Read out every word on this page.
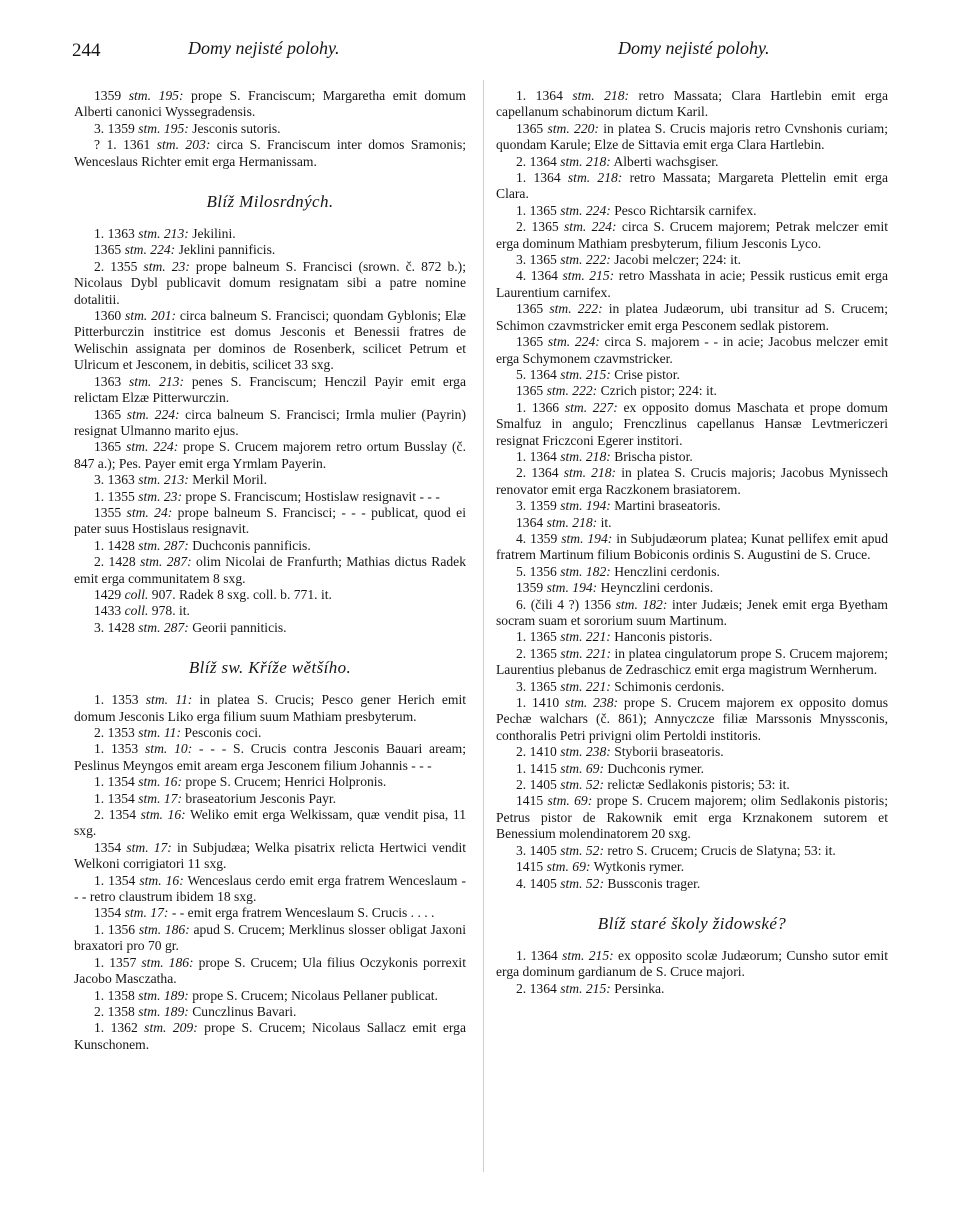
244	Domy nejisté polohy.	Domy nejisté polohy.

1359 stm. 195: prope S. Franciscum; Margaretha emit domum Alberti canonici Wyssegradensis.

3. 1359 stm. 195: Jesconis sutoris.

? 1. 1361 stm. 203: circa S. Franciscum inter domos Sramonis; Wenceslaus Richter emit erga Hermanissam.

Blíž Milosrdných.

1. 1363 stm. 213: Jekilini.

1365 stm. 224: Jeklini pannificis.

2. 1355 stm. 23: prope balneum S. Francisci (srown. č. 872 b.); Nicolaus Dybl publicavit domum resignatam sibi a patre nomine dotalitii.

1360 stm. 201: circa balneum S. Francisci; quondam Gyblonis; Elæ Pitterburczin institrice est domus Jesconis et Benessii fratres de Welischin assignata per dominos de Rosenberk, scilicet Petrum et Ulricum et Jesconem, in debitis, scilicet 33 sxg.

1363 stm. 213: penes S. Franciscum; Henczil Payir emit erga relictam Elzæ Pitterwurczin.

1365 stm. 224: circa balneum S. Francisci; Irmla mulier (Payrin) resignat Ulmanno marito ejus.

1365 stm. 224: prope S. Crucem majorem retro ortum Busslay (č. 847 a.); Pes. Payer emit erga Yrmlam Payerin.

3. 1363 stm. 213: Merkil Moril.

1. 1355 stm. 23: prope S. Franciscum; Hostislaw resignavit - - -

1355 stm. 24: prope balneum S. Francisci; - - - publicat, quod ei pater suus Hostislaus resignavit.

1. 1428 stm. 287: Duchconis pannificis.

2. 1428 stm. 287: olim Nicolai de Franfurth; Mathias dictus Radek emit erga communitatem 8 sxg.

1429 coll. 907. Radek 8 sxg. coll. b. 771. it.

1433 coll. 978. it.

3. 1428 stm. 287: Georii panniticis.

Blíž sw. Kříže wětšího.

1. 1353 stm. 11: in platea S. Crucis; Pesco gener Herich emit domum Jesconis Liko erga filium suum Mathiam presbyterum.

2. 1353 stm. 11: Pesconis coci.

1. 1353 stm. 10: - - - S. Crucis contra Jesconis Bauari aream; Peslinus Meyngos emit aream erga Jesconem filium Johannis - - -

1. 1354 stm. 16: prope S. Crucem; Henrici Holpronis.

1. 1354 stm. 17: braseatorium Jesconis Payr.

2. 1354 stm. 16: Weliko emit erga Welkissam, quæ vendit pisa, 11 sxg.

1354 stm. 17: in Subjudæa; Welka pisatrix relicta Hertwici vendit Welkoni corrigiatori 11 sxg.

1. 1354 stm. 16: Wenceslaus cerdo emit erga fratrem Wenceslaum - - - retro claustrum ibidem 18 sxg.

1354 stm. 17: - - emit erga fratrem Wenceslaum S. Crucis . . . .

1. 1356 stm. 186: apud S. Crucem; Merklinus slosser obligat Jaxoni braxatori pro 70 gr.

1. 1357 stm. 186: prope S. Crucem; Ula filius Oczykonis porrexit Jacobo Masczatha.

1. 1358 stm. 189: prope S. Crucem; Nicolaus Pellaner publicat.

2. 1358 stm. 189: Cunczlinus Bavari.

1. 1362 stm. 209: prope S. Crucem; Nicolaus Sallacz emit erga Kunschonem.

1. 1364 stm. 218: retro Massata; Clara Hartlebin emit erga capellanum schabinorum dictum Karil.

1365 stm. 220: in platea S. Crucis majoris retro Cvnshonis curiam; quondam Karule; Elze de Sittavia emit erga Clara Hartlebin.

2. 1364 stm. 218: Alberti wachsgiser.

1. 1364 stm. 218: retro Massata; Margareta Plettelin emit erga Clara.

1. 1365 stm. 224: Pesco Richtarsik carnifex.

2. 1365 stm. 224: circa S. Crucem majorem; Petrak melczer emit erga dominum Mathiam presbyterum, filium Jesconis Lyco.

3. 1365 stm. 222: Jacobi melczer; 224: it.

4. 1364 stm. 215: retro Masshata in acie; Pessik rusticus emit erga Laurentium carnifex.

1365 stm. 222: in platea Judæorum, ubi transitur ad S. Crucem; Schimon czavmstricker emit erga Pesconem sedlak pistorem.

1365 stm. 224: circa S. majorem - - in acie; Jacobus melczer emit erga Schymonem czavmstricker.

5. 1364 stm. 215: Crise pistor.

1365 stm. 222: Czrich pistor; 224: it.

1. 1366 stm. 227: ex opposito domus Maschata et prope domum Smalfuz in angulo; Frenczlinus capellanus Hansæ Levtmericzeri resignat Friczconi Egerer institori.

1. 1364 stm. 218: Brischa pistor.

2. 1364 stm. 218: in platea S. Crucis majoris; Jacobus Mynissech renovator emit erga Raczkonem brasiatorem.

3. 1359 stm. 194: Martini braseatoris.

1364 stm. 218: it.

4. 1359 stm. 194: in Subjudæorum platea; Kunat pellifex emit apud fratrem Martinum filium Bobiconis ordinis S. Augustini de S. Cruce.

5. 1356 stm. 182: Henczlini cerdonis.

1359 stm. 194: Heynczlini cerdonis.

6. (čili 4 ?) 1356 stm. 182: inter Judæis; Jenek emit erga Byetham socram suam et sororium suum Martinum.

1. 1365 stm. 221: Hanconis pistoris.

2. 1365 stm. 221: in platea cingulatorum prope S. Crucem majorem; Laurentius plebanus de Zedraschicz emit erga magistrum Wernherum.

3. 1365 stm. 221: Schimonis cerdonis.

1. 1410 stm. 238: prope S. Crucem majorem ex opposito domus Pechæ walchars (č. 861); Annyczcze filiæ Marssonis Mnyssconis, conthoralis Petri privigni olim Pertoldi institoris.

2. 1410 stm. 238: Styborii braseatoris.

1. 1415 stm. 69: Duchconis rymer.

2. 1405 stm. 52: relictæ Sedlakonis pistoris; 53: it.

1415 stm. 69: prope S. Crucem majorem; olim Sedlakonis pistoris; Petrus pistor de Rakownik emit erga Krznakonem sutorem et Benessium molendinatorem 20 sxg.

3. 1405 stm. 52: retro S. Crucem; Crucis de Slatyna; 53: it.

1415 stm. 69: Wytkonis rymer.

4. 1405 stm. 52: Bussconis trager.

Blíž staré školy židowské?

1. 1364 stm. 215: ex opposito scolæ Judæorum; Cunsho sutor emit erga dominum gardianum de S. Cruce majori.

2. 1364 stm. 215: Persinka.
